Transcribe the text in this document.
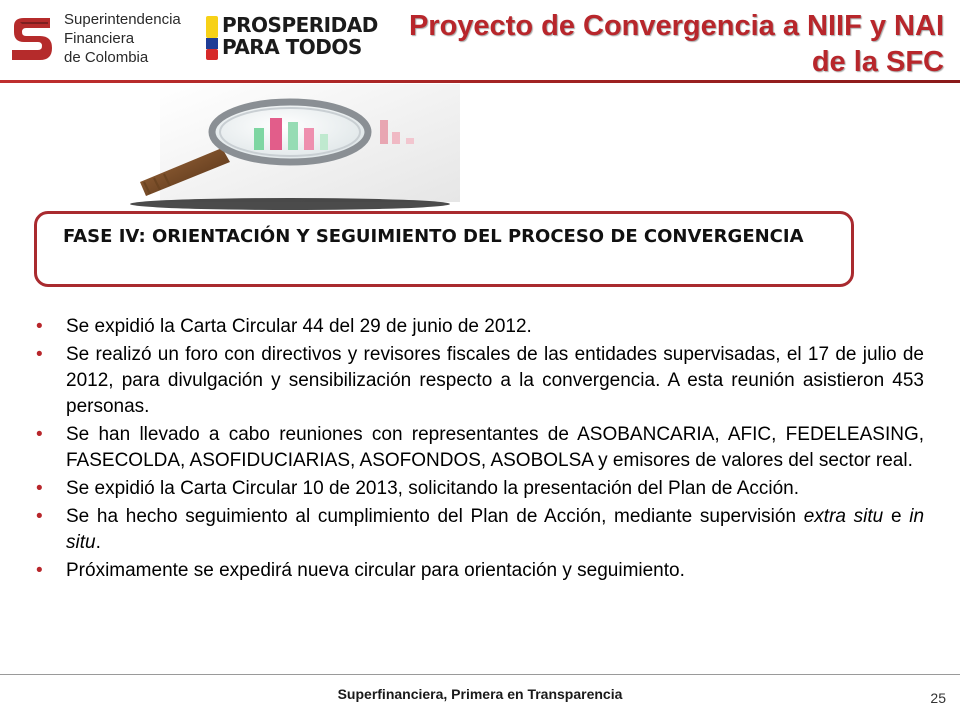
Superintendencia
Financiera
de Colombia
PROSPERIDAD
PARA TODOS
Proyecto de Convergencia a NIIF y NAI
de la SFC
FASE IV: ORIENTACIÓN Y SEGUIMIENTO DEL PROCESO DE CONVERGENCIA
• Se expidió la Carta Circular 44 del 29 de junio de 2012.
• Se realizó un foro con directivos y revisores fiscales de las entidades supervisadas, el 17 de julio de 2012, para divulgación y sensibilización respecto a la convergencia. A esta reunión asistieron 453 personas.
• Se han llevado a cabo reuniones con representantes de ASOBANCARIA, AFIC, FEDELEASING, FASECOLDA, ASOFIDUCIARIAS, ASOFONDOS, ASOBOLSA y emisores de valores del sector real.
• Se expidió la Carta Circular 10 de 2013, solicitando la presentación del Plan de Acción.
• Se ha hecho seguimiento al cumplimiento del Plan de Acción, mediante supervisión extra situ e in situ.
• Próximamente se expedirá nueva circular para orientación y seguimiento.
Superfinanciera, Primera en Transparencia	25
